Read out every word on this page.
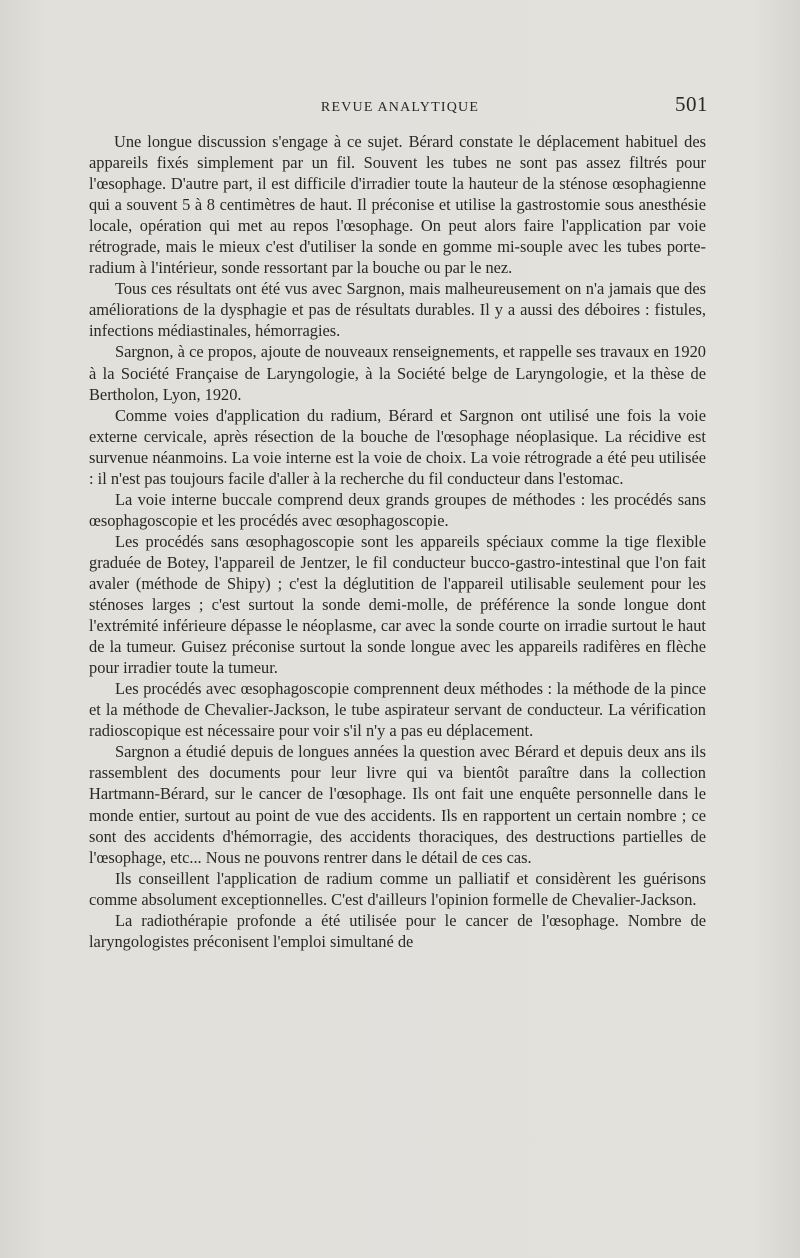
REVUE ANALYTIQUE	501

Une longue discussion s'engage à ce sujet. Bérard constate le déplacement habituel des appareils fixés simplement par un fil. Souvent les tubes ne sont pas assez filtrés pour l'œsophage. D'autre part, il est difficile d'irradier toute la hauteur de la sténose œsophagienne qui a souvent 5 à 8 centimètres de haut. Il préconise et utilise la gastrostomie sous anesthésie locale, opération qui met au repos l'œsophage. On peut alors faire l'application par voie rétrograde, mais le mieux c'est d'utiliser la sonde en gomme mi-souple avec les tubes porte-radium à l'intérieur, sonde ressortant par la bouche ou par le nez.

Tous ces résultats ont été vus avec Sargnon, mais malheureusement on n'a jamais que des améliorations de la dysphagie et pas de résultats durables. Il y a aussi des déboires : fistules, infections médiastinales, hémorragies.

Sargnon, à ce propos, ajoute de nouveaux renseignements, et rappelle ses travaux en 1920 à la Société Française de Laryngologie, à la Société belge de Laryngologie, et la thèse de Bertholon, Lyon, 1920.

Comme voies d'application du radium, Bérard et Sargnon ont utilisé une fois la voie externe cervicale, après résection de la bouche de l'œsophage néoplasique. La récidive est survenue néanmoins. La voie interne est la voie de choix. La voie rétrograde a été peu utilisée : il n'est pas toujours facile d'aller à la recherche du fil conducteur dans l'estomac.

La voie interne buccale comprend deux grands groupes de méthodes : les procédés sans œsophagoscopie et les procédés avec œsophagoscopie.

Les procédés sans œsophagoscopie sont les appareils spéciaux comme la tige flexible graduée de Botey, l'appareil de Jentzer, le fil conducteur bucco-gastro-intestinal que l'on fait avaler (méthode de Shipy) ; c'est la déglutition de l'appareil utilisable seulement pour les sténoses larges ; c'est surtout la sonde demi-molle, de préférence la sonde longue dont l'extrémité inférieure dépasse le néoplasme, car avec la sonde courte on irradie surtout le haut de la tumeur. Guisez préconise surtout la sonde longue avec les appareils radifères en flèche pour irradier toute la tumeur.

Les procédés avec œsophagoscopie comprennent deux méthodes : la méthode de la pince et la méthode de Chevalier-Jackson, le tube aspirateur servant de conducteur. La vérification radioscopique est nécessaire pour voir s'il n'y a pas eu déplacement.

Sargnon a étudié depuis de longues années la question avec Bérard et depuis deux ans ils rassemblent des documents pour leur livre qui va bientôt paraître dans la collection Hartmann-Bérard, sur le cancer de l'œsophage. Ils ont fait une enquête personnelle dans le monde entier, surtout au point de vue des accidents. Ils en rapportent un certain nombre ; ce sont des accidents d'hémorragie, des accidents thoraciques, des destructions partielles de l'œsophage, etc... Nous ne pouvons rentrer dans le détail de ces cas.

Ils conseillent l'application de radium comme un palliatif et considèrent les guérisons comme absolument exceptionnelles. C'est d'ailleurs l'opinion formelle de Chevalier-Jackson.

La radiothérapie profonde a été utilisée pour le cancer de l'œsophage. Nombre de laryngologistes préconisent l'emploi simultané de
